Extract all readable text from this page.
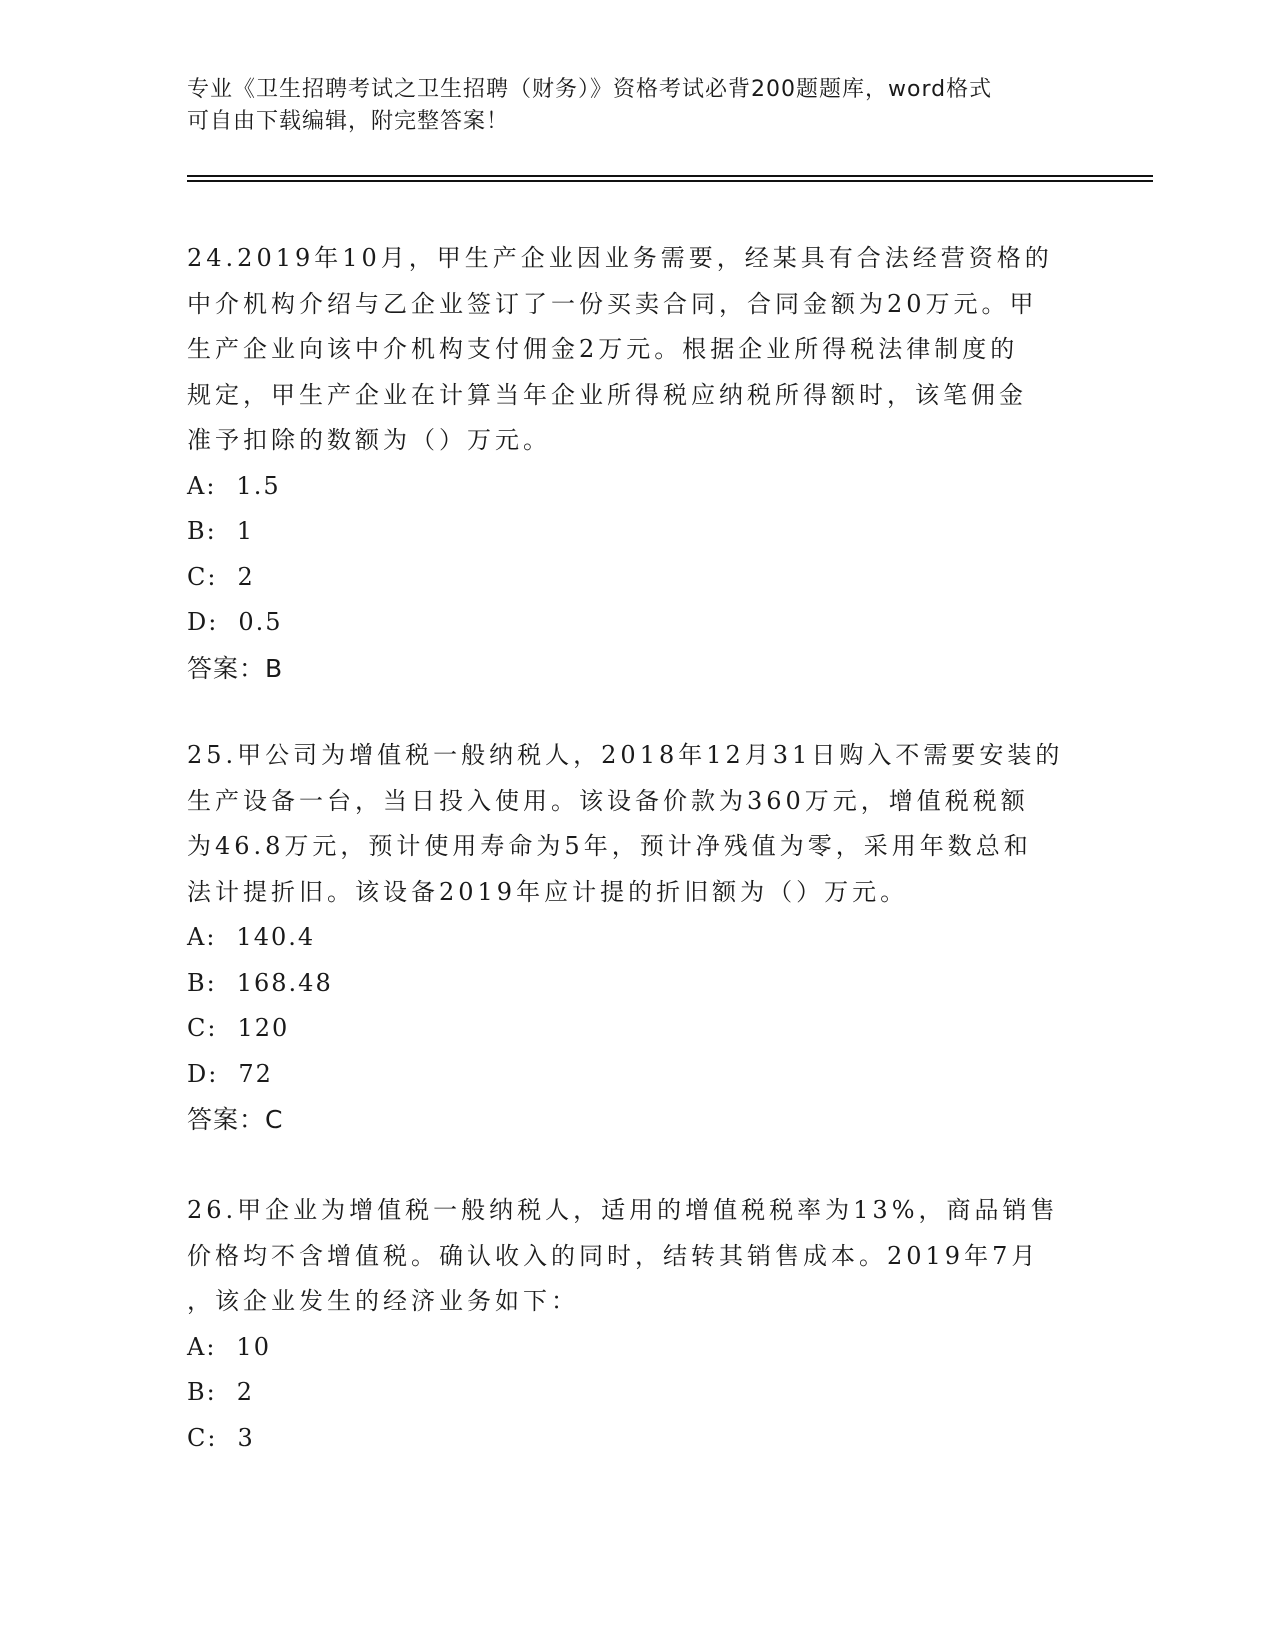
专业《卫生招聘考试之卫生招聘（财务）》资格考试必背200题题库，word格式
可自由下载编辑，附完整答案！
24.2019年10月，甲生产企业因业务需要，经某具有合法经营资格的
中介机构介绍与乙企业签订了一份买卖合同，合同金额为20万元。甲
生产企业向该中介机构支付佣金2万元。根据企业所得税法律制度的
规定，甲生产企业在计算当年企业所得税应纳税所得额时，该笔佣金
准予扣除的数额为（）万元。
A: 1.5
B: 1
C: 2
D: 0.5
答案：B
25.甲公司为增值税一般纳税人，2018年12月31日购入不需要安装的
生产设备一台，当日投入使用。该设备价款为360万元，增值税税额
为46.8万元，预计使用寿命为5年，预计净残值为零，采用年数总和
法计提折旧。该设备2019年应计提的折旧额为（）万元。
A: 140.4
B: 168.48
C: 120
D: 72
答案：C
26.甲企业为增值税一般纳税人，适用的增值税税率为13%，商品销售
价格均不含增值税。确认收入的同时，结转其销售成本。2019年7月
，该企业发生的经济业务如下：
A: 10
B: 2
C: 3
